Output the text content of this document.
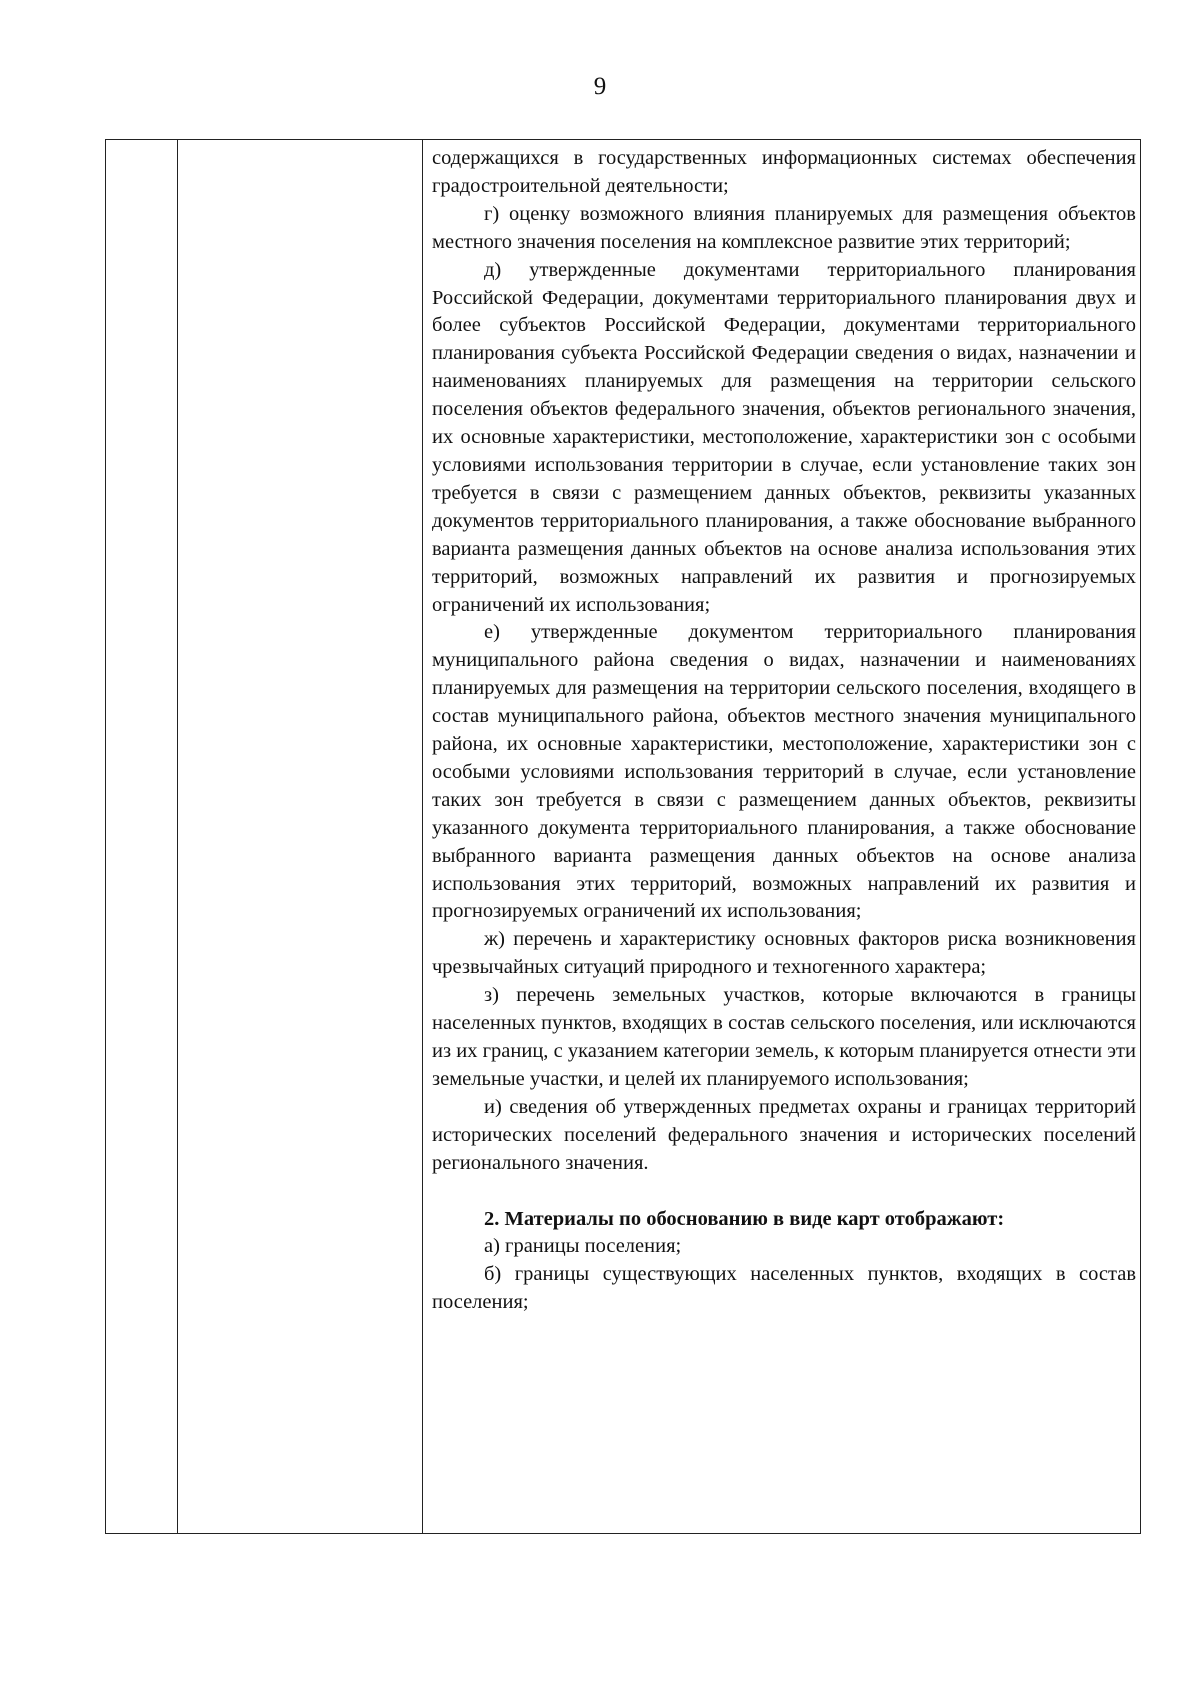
9

содержащихся в государственных информационных системах обеспечения градостроительной деятельности;

г) оценку возможного влияния планируемых для размещения объектов местного значения поселения на комплексное развитие этих территорий;

д) утвержденные документами территориального планирования Российской Федерации, документами территориального планирования двух и более субъектов Российской Федерации, документами территориального планирования субъекта Российской Федерации сведения о видах, назначении и наименованиях планируемых для размещения на территории сельского поселения объектов федерального значения, объектов регионального значения, их основные характеристики, местоположение, характеристики зон с особыми условиями использования территории в случае, если установление таких зон требуется в связи с размещением данных объектов, реквизиты указанных документов территориального планирования, а также обоснование выбранного варианта размещения данных объектов на основе анализа использования этих территорий, возможных направлений их развития и прогнозируемых ограничений их использования;

е) утвержденные документом территориального планирования муниципального района сведения о видах, назначении и наименованиях планируемых для размещения на территории сельского поселения, входящего в состав муниципального района, объектов местного значения муниципального района, их основные характеристики, местоположение, характеристики зон с особыми условиями использования территорий в случае, если установление таких зон требуется в связи с размещением данных объектов, реквизиты указанного документа территориального планирования, а также обоснование выбранного варианта размещения данных объектов на основе анализа использования этих территорий, возможных направлений их развития и прогнозируемых ограничений их использования;

ж) перечень и характеристику основных факторов риска возникновения чрезвычайных ситуаций природного и техногенного характера;

з) перечень земельных участков, которые включаются в границы населенных пунктов, входящих в состав сельского поселения, или исключаются из их границ, с указанием категории земель, к которым планируется отнести эти земельные участки, и целей их планируемого использования;

и) сведения об утвержденных предметах охраны и границах территорий исторических поселений федерального значения и исторических поселений регионального значения.

2. Материалы по обоснованию в виде карт отображают:

а) границы поселения;

б) границы существующих населенных пунктов, входящих в состав поселения;
